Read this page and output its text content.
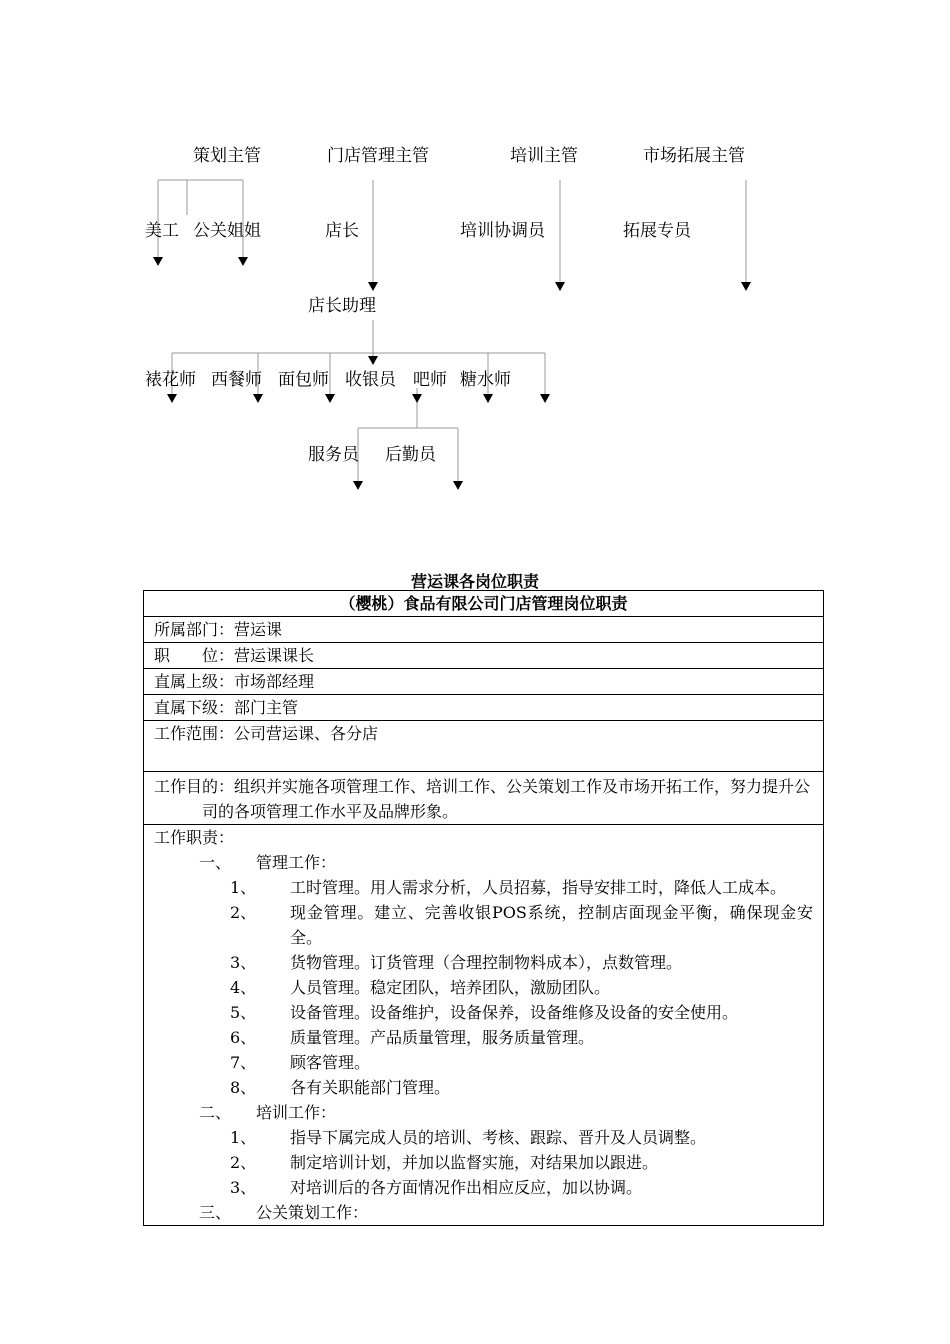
策划主管	门店管理主管	培训主管	市场拓展主管
美工 公关姐姐	店长	培训协调员	拓展专员
店长助理
裱花师 西餐师 面包师 收银员 吧师 糖水师
服务员 后勤员
营运课各岗位职责
（樱桃）食品有限公司门店管理岗位职责
所属部门：营运课
职　　位：营运课课长
直属上级：市场部经理
直属下级：部门主管
工作范围：公司营运课、各分店
工作目的：组织并实施各项管理工作、培训工作、公关策划工作及市场开拓工作，努力提升公司的各项管理工作水平及品牌形象。

工作职责：
一、 管理工作：
1、 工时管理。用人需求分析，人员招募，指导安排工时，降低人工成本。
2、 现金管理。建立、完善收银POS系统，控制店面现金平衡，确保现金安全。
3、 货物管理。订货管理（合理控制物料成本），点数管理。
4、 人员管理。稳定团队，培养团队，激励团队。
5、 设备管理。设备维护，设备保养，设备维修及设备的安全使用。
6、 质量管理。产品质量管理，服务质量管理。
7、 顾客管理。
8、 各有关职能部门管理。
二、 培训工作：
1、 指导下属完成人员的培训、考核、跟踪、晋升及人员调整。
2、 制定培训计划，并加以监督实施，对结果加以跟进。
3、 对培训后的各方面情况作出相应反应，加以协调。
三、 公关策划工作：
